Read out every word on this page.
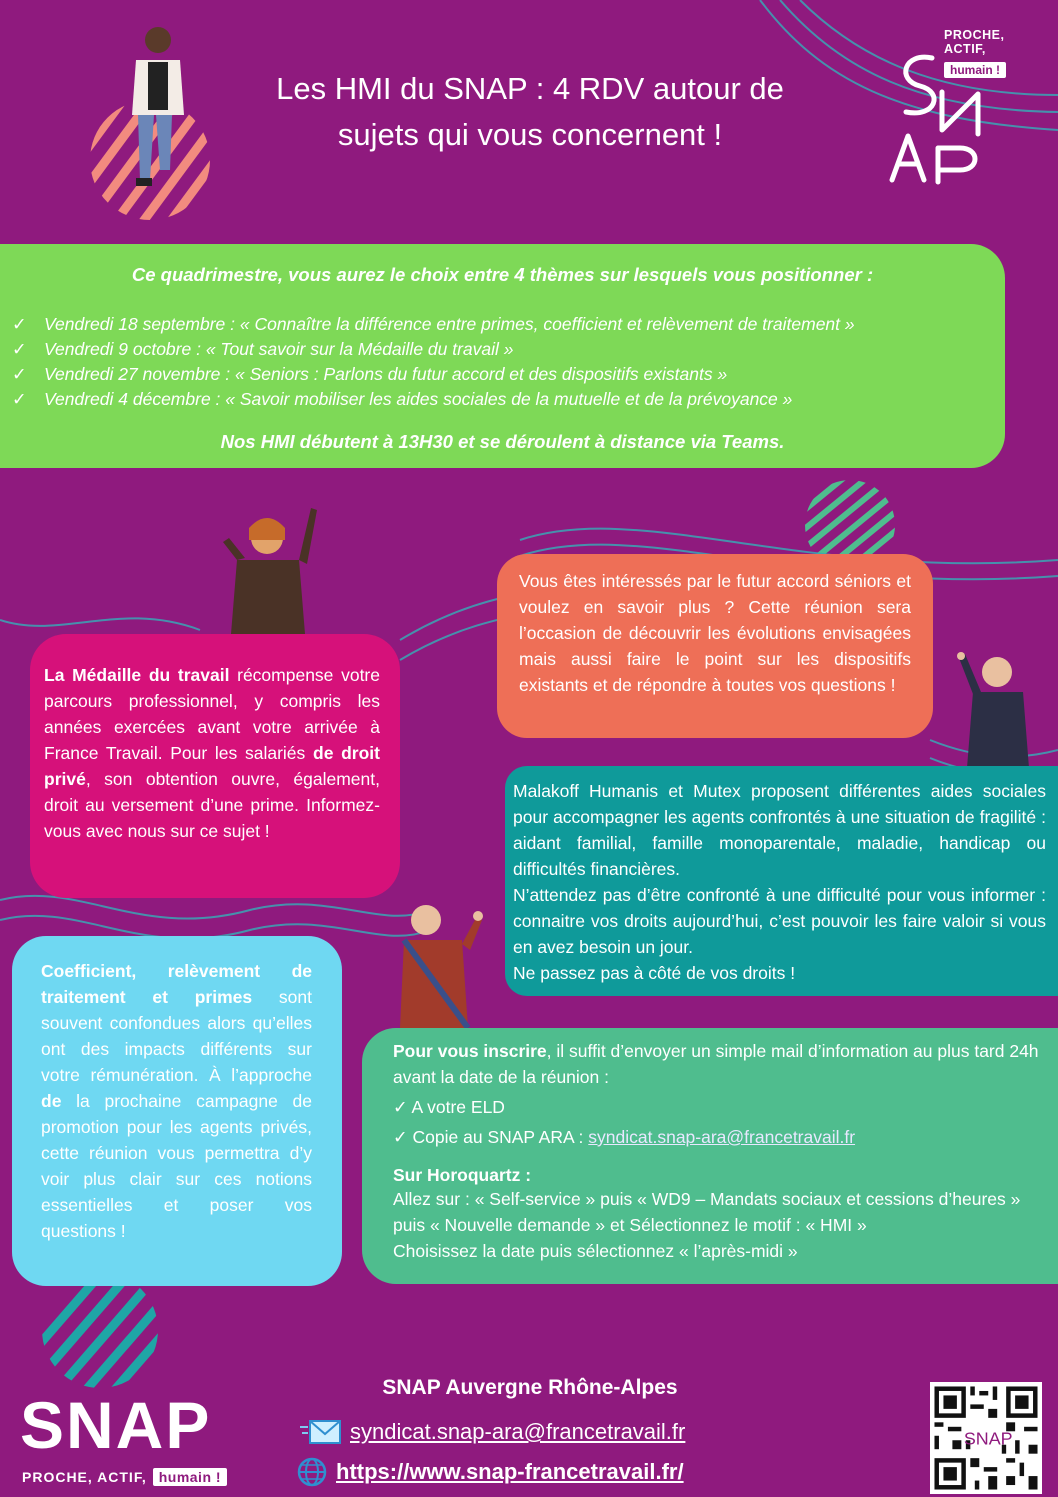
Les HMI du SNAP : 4 RDV autour de
sujets qui vous concernent !
PROCHE,
ACTIF,
humain !
Ce quadrimestre, vous aurez le choix entre 4 thèmes sur lesquels vous positionner :
✓ Vendredi 18 septembre : « Connaître la différence entre primes, coefficient et relèvement de traitement »
✓ Vendredi 9 octobre : « Tout savoir sur la Médaille du travail »
✓ Vendredi 27 novembre : « Seniors : Parlons du futur accord et des dispositifs existants »
✓ Vendredi 4 décembre : « Savoir mobiliser les aides sociales de la mutuelle et de la prévoyance »
Nos HMI débutent à 13H30 et se déroulent à distance via Teams.

La Médaille du travail récompense votre parcours professionnel, y compris les années exercées avant votre arrivée à France Travail. Pour les salariés de droit privé, son obtention ouvre, également, droit au versement d’une prime. Informez-vous avec nous sur ce sujet !

Vous êtes intéressés par le futur accord séniors et voulez en savoir plus ? Cette réunion sera l’occasion de découvrir les évolutions envisagées mais aussi faire le point sur les dispositifs existants et de répondre à toutes vos questions !

Malakoff Humanis et Mutex proposent différentes aides sociales pour accompagner les agents confrontés à une situation de fragilité : aidant familial, famille monoparentale, maladie, handicap ou difficultés financières.

N’attendez pas d’être confronté à une difficulté pour vous informer : connaitre vos droits aujourd’hui, c’est pouvoir les faire valoir si vous en avez besoin un jour.

Ne passez pas à côté de vos droits !

Coefficient, relèvement de traitement et primes sont souvent confondues alors qu’elles ont des impacts différents sur votre rémunération. À l’approche de la prochaine campagne de promotion pour les agents privés, cette réunion vous permettra d’y voir plus clair sur ces notions essentielles et poser vos questions !

Pour vous inscrire, il suffit d’envoyer un simple mail d’information au plus tard 24h avant la date de la réunion :
✓ A votre ELD
✓ Copie au SNAP ARA : syndicat.snap-ara@francetravail.fr
Sur Horoquartz :
Allez sur : « Self-service » puis « WD9 – Mandats sociaux et cessions d’heures » puis « Nouvelle demande » et Sélectionnez le motif : « HMI »
Choisissez la date puis sélectionnez « l’après-midi »
SNAP Auvergne Rhône-Alpes
syndicat.snap-ara@francetravail.fr
https://www.snap-francetravail.fr/
SNAP
PROCHE, ACTIF, humain !
SNAP
